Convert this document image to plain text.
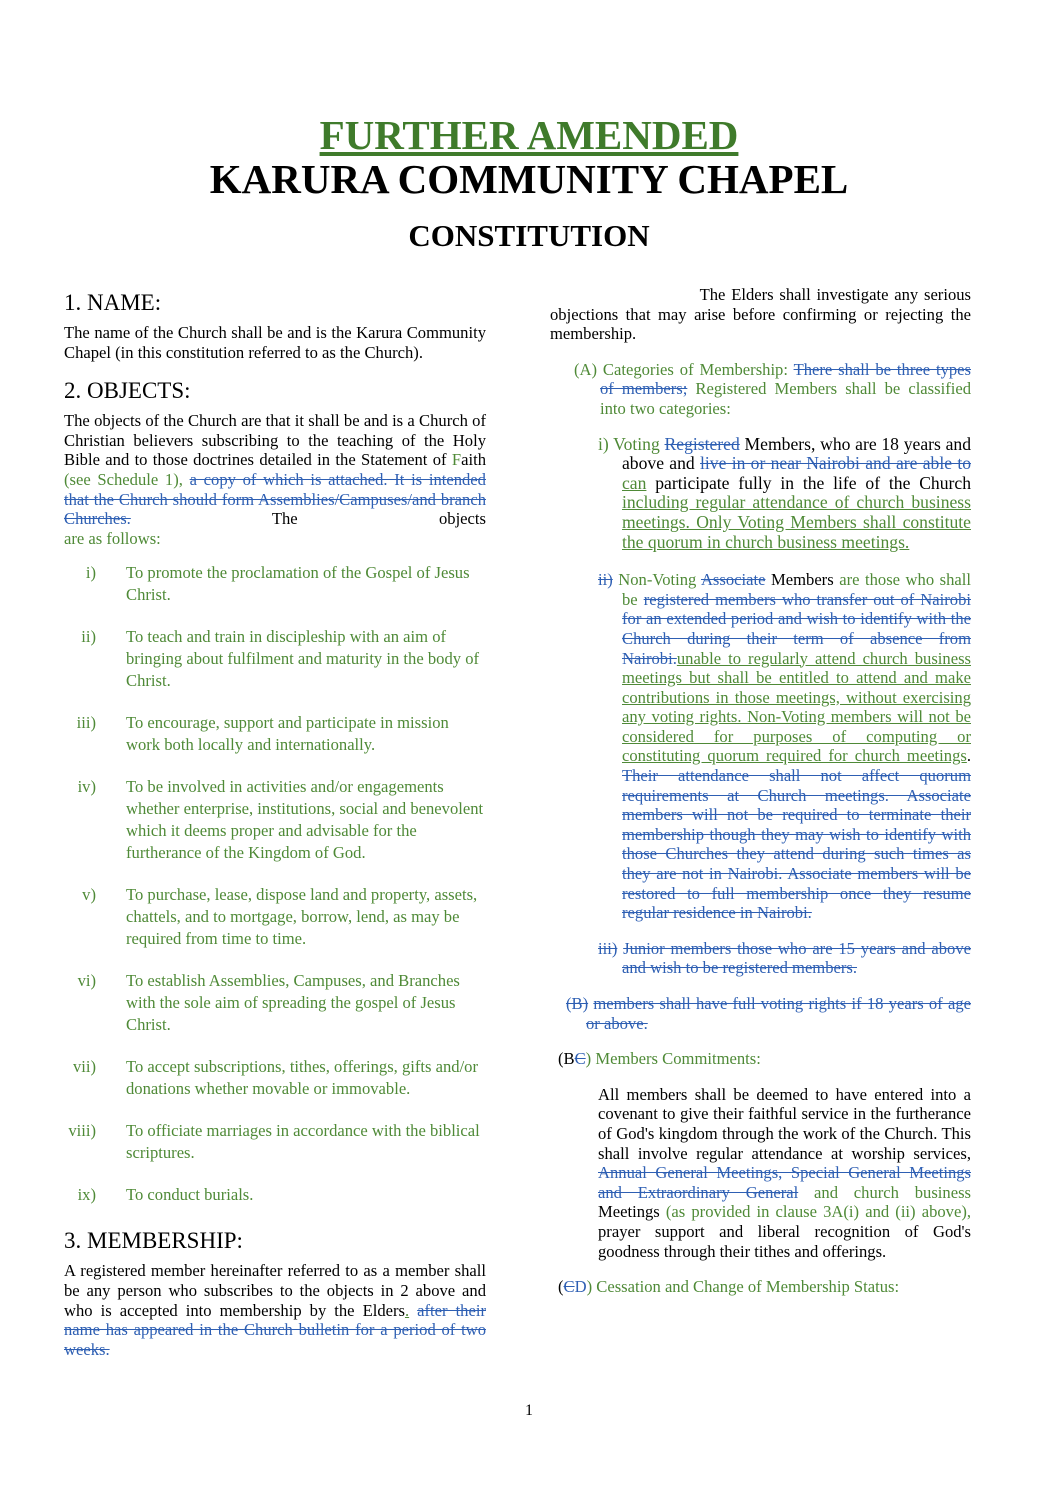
FURTHER AMENDED
KARURA COMMUNITY CHAPEL
CONSTITUTION
1. NAME:

The name of the Church shall be and is the Karura Community Chapel (in this constitution referred to as the Church).

2. OBJECTS:

The objects of the Church are that it shall be and is a Church of Christian believers subscribing to the teaching of the Holy Bible and to those doctrines detailed in the Statement of Faith (see Schedule 1), a copy of which is attached. It is intended that the Church should form Assemblies/Campuses/and branch Churches. The objects

are as follows:

i) To promote the proclamation of the Gospel of Jesus Christ.
ii) To teach and train in discipleship with an aim of bringing about fulfilment and maturity in the body of Christ.
iii) To encourage, support and participate in mission work both locally and internationally.
iv) To be involved in activities and/or engagements whether enterprise, institutions, social and benevolent which it deems proper and advisable for the furtherance of the Kingdom of God.
v) To purchase, lease, dispose land and property, assets, chattels, and to mortgage, borrow, lend, as may be required from time to time.
vi) To establish Assemblies, Campuses, and Branches with the sole aim of spreading the gospel of Jesus Christ.
vii) To accept subscriptions, tithes, offerings, gifts and/or donations whether movable or immovable.
viii) To officiate marriages in accordance with the biblical scriptures.
ix) To conduct burials.
3. MEMBERSHIP:

A registered member hereinafter referred to as a member shall be any person who subscribes to the objects in 2 above and who is accepted into membership by the Elders. after their name has appeared in the Church bulletin for a period of two weeks.

The Elders shall investigate any serious objections that may arise before confirming or rejecting the membership.

(A) Categories of Membership: There shall be three types of members; Registered Members shall be classified into two categories:

i) Voting Registered Members, who are 18 years and above and live in or near Nairobi and are able to can participate fully in the life of the Church including regular attendance of church business meetings. Only Voting Members shall constitute the quorum in church business meetings.

ii) Non-Voting Associate Members are those who shall be registered members who transfer out of Nairobi for an extended period and wish to identify with the Church during their term of absence from Nairobi.unable to regularly attend church business meetings but shall be entitled to attend and make contributions in those meetings, without exercising any voting rights. Non-Voting members will not be considered for purposes of computing or constituting quorum required for church meetings. Their attendance shall not affect quorum requirements at Church meetings. Associate members will not be required to terminate their membership though they may wish to identify with those Churches they attend during such times as they are not in Nairobi. Associate members will be restored to full membership once they resume regular residence in Nairobi.

iii) Junior members those who are 15 years and above and wish to be registered members.

(B) members shall have full voting rights if 18 years of age or above.

(BC) Members Commitments:

All members shall be deemed to have entered into a covenant to give their faithful service in the furtherance of God's kingdom through the work of the Church. This shall involve regular attendance at worship services, Annual General Meetings, Special General Meetings and Extraordinary General and church business Meetings (as provided in clause 3A(i) and (ii) above), prayer support and liberal recognition of God's goodness through their tithes and offerings.

(CD) Cessation and Change of Membership Status:

1
